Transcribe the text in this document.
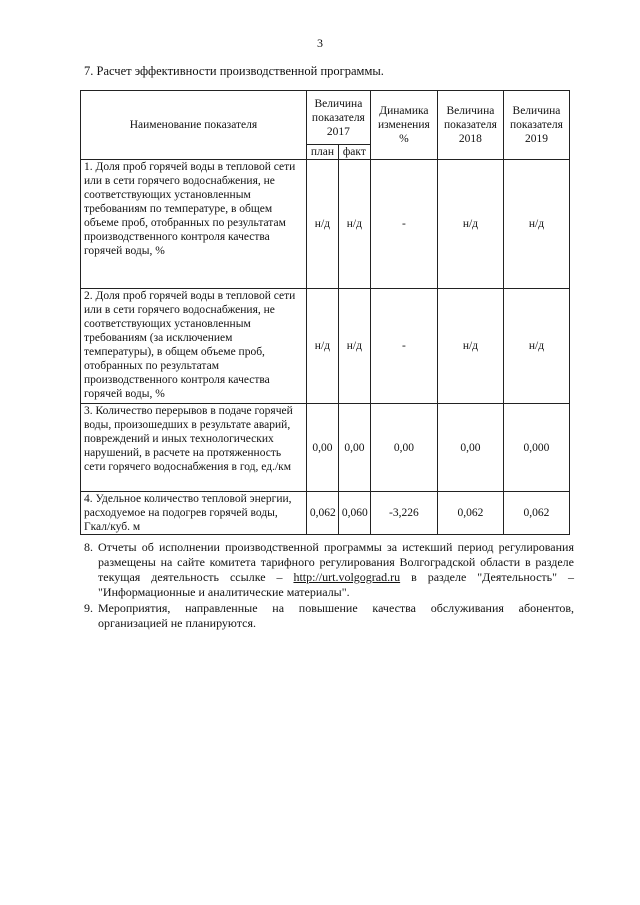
3
7. Расчет эффективности производственной программы.
Наименование показателя	Величина показателя 2017		Динамика изменения %	Величина показателя 2018	Величина показателя 2019
	план	факт			
1. Доля проб горячей воды в тепловой сети или в сети горячего водоснабжения, не соответствующих установленным требованиям по температуре, в общем объеме проб, отобранных по результатам производственного контроля качества горячей воды, %	н/д	н/д	-	н/д	н/д
2. Доля проб горячей воды в тепловой сети или в сети горячего водоснабжения, не соответствующих установленным требованиям (за исключением температуры), в общем объеме проб, отобранных по результатам производственного контроля качества горячей воды, %	н/д	н/д	-	н/д	н/д
3. Количество перерывов в подаче горячей воды, произошедших в результате аварий, повреждений и иных технологических нарушений, в расчете на протяженность сети горячего водоснабжения в год, ед./км	0,00	0,00	0,00	0,00	0,000
4. Удельное количество тепловой энергии, расходуемое на подогрев горячей воды, Гкал/куб. м	0,062	0,060	-3,226	0,062	0,062
8. Отчеты об исполнении производственной программы за истекший период регулирования размещены на сайте комитета тарифного регулирования Волгоградской области в разделе текущая деятельность ссылке – http://urt.volgograd.ru в разделе "Деятельность" – "Информационные и аналитические материалы".
9. Мероприятия, направленные на повышение качества обслуживания абонентов, организацией не планируются.
